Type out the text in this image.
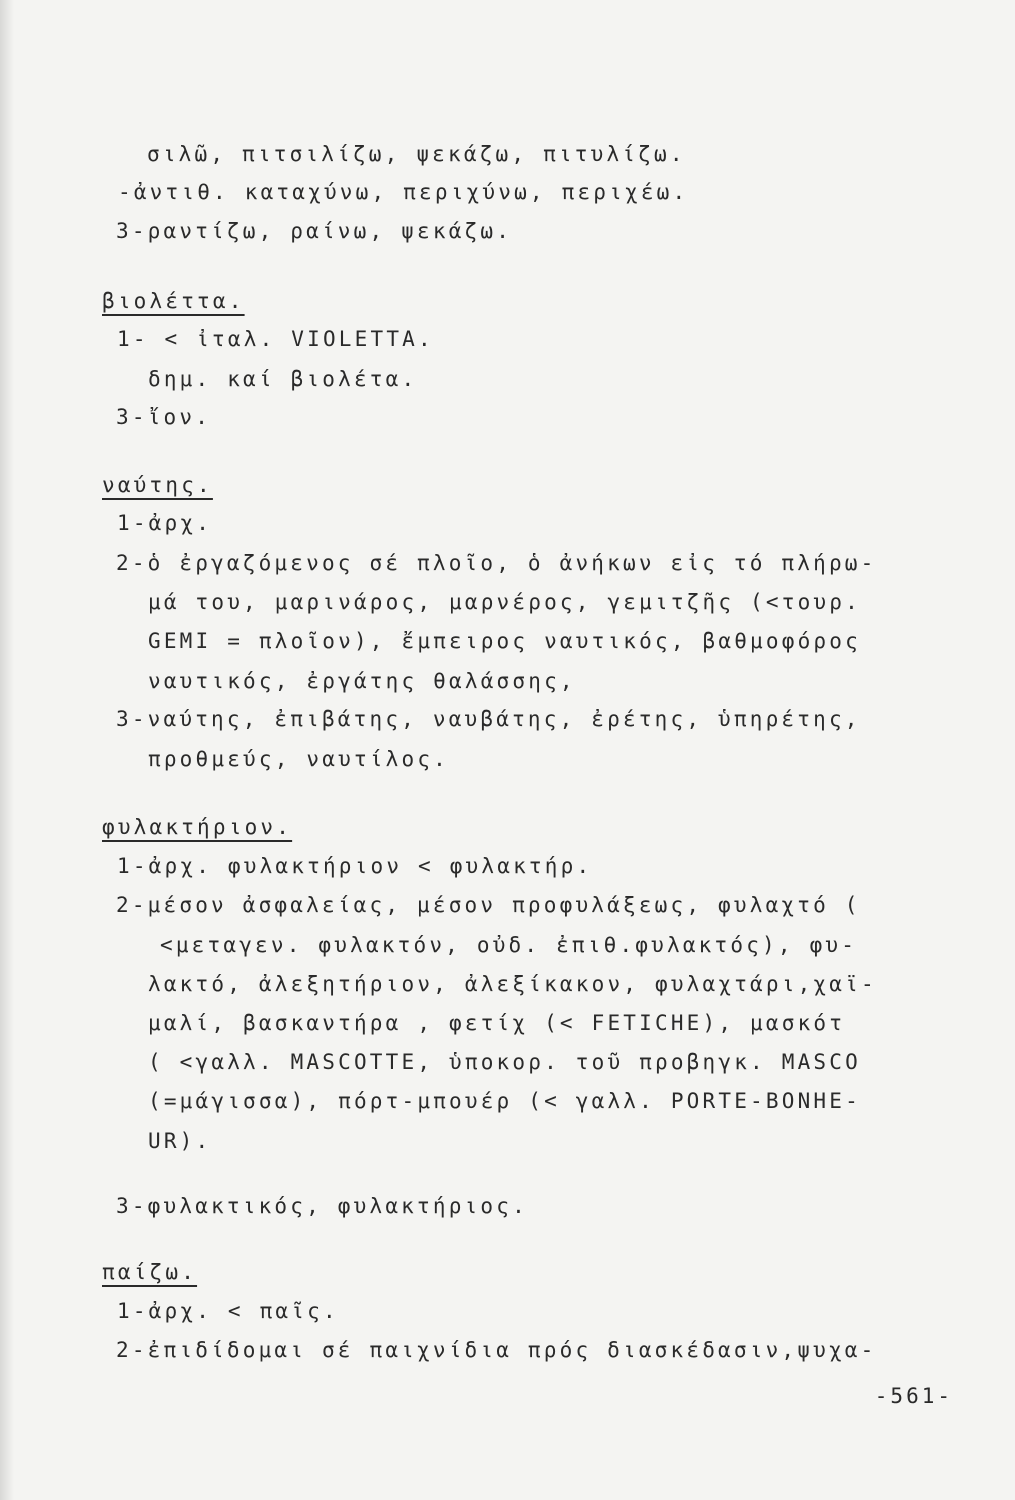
σιλῶ, πιτσιλίζω, ψεκάζω, πιτυλίζω.
-ἀντιθ. καταχύνω, περιχύνω, περιχέω.
3-ραντίζω, ραίνω, ψεκάζω.
βιολέττα.
1- < ἰταλ. VIOLETTA.
δημ. καί βιολέτα.
3-ἴον.
ναύτης.
1-ἀρχ.
2-ὁ ἐργαζόμενος σέ πλοῖο, ὁ ἀνήκων εἰς τό πλήρω-
μά του, μαρινάρος, μαρνέρος, γεμιτζῆς (<τουρ.
GEMI = πλοῖον), ἔμπειρος ναυτικός, βαθμοφόρος
ναυτικός, ἐργάτης θαλάσσης,
3-ναύτης, ἐπιβάτης, ναυβάτης, ἐρέτης, ὑπηρέτης,
προθμεύς, ναυτίλος.
φυλακτήριον.
1-ἀρχ. φυλακτήριον < φυλακτήρ.
2-μέσον ἀσφαλείας, μέσον προφυλάξεως, φυλαχτό (
<μεταγεν. φυλακτόν, οὐδ. ἐπιθ.φυλακτός), φυ-
λακτό, ἀλεξητήριον, ἀλεξίκακον, φυλαχτάρι,χαϊ-
μαλί, βασκαντήρα , φετίχ (< FETICHE), μασκότ
( <γαλλ. MASCOTTE, ὑποκορ. τοῦ προβηγκ. MASCO
(=μάγισσα), πόρτ-μπουέρ (< γαλλ. PORTE-BONHE-
UR).
3-φυλακτικός, φυλακτήριος.
παίζω.
1-ἀρχ. < παῖς.
2-ἐπιδίδομαι σέ παιχνίδια πρός διασκέδασιν,ψυχα-
-561-
